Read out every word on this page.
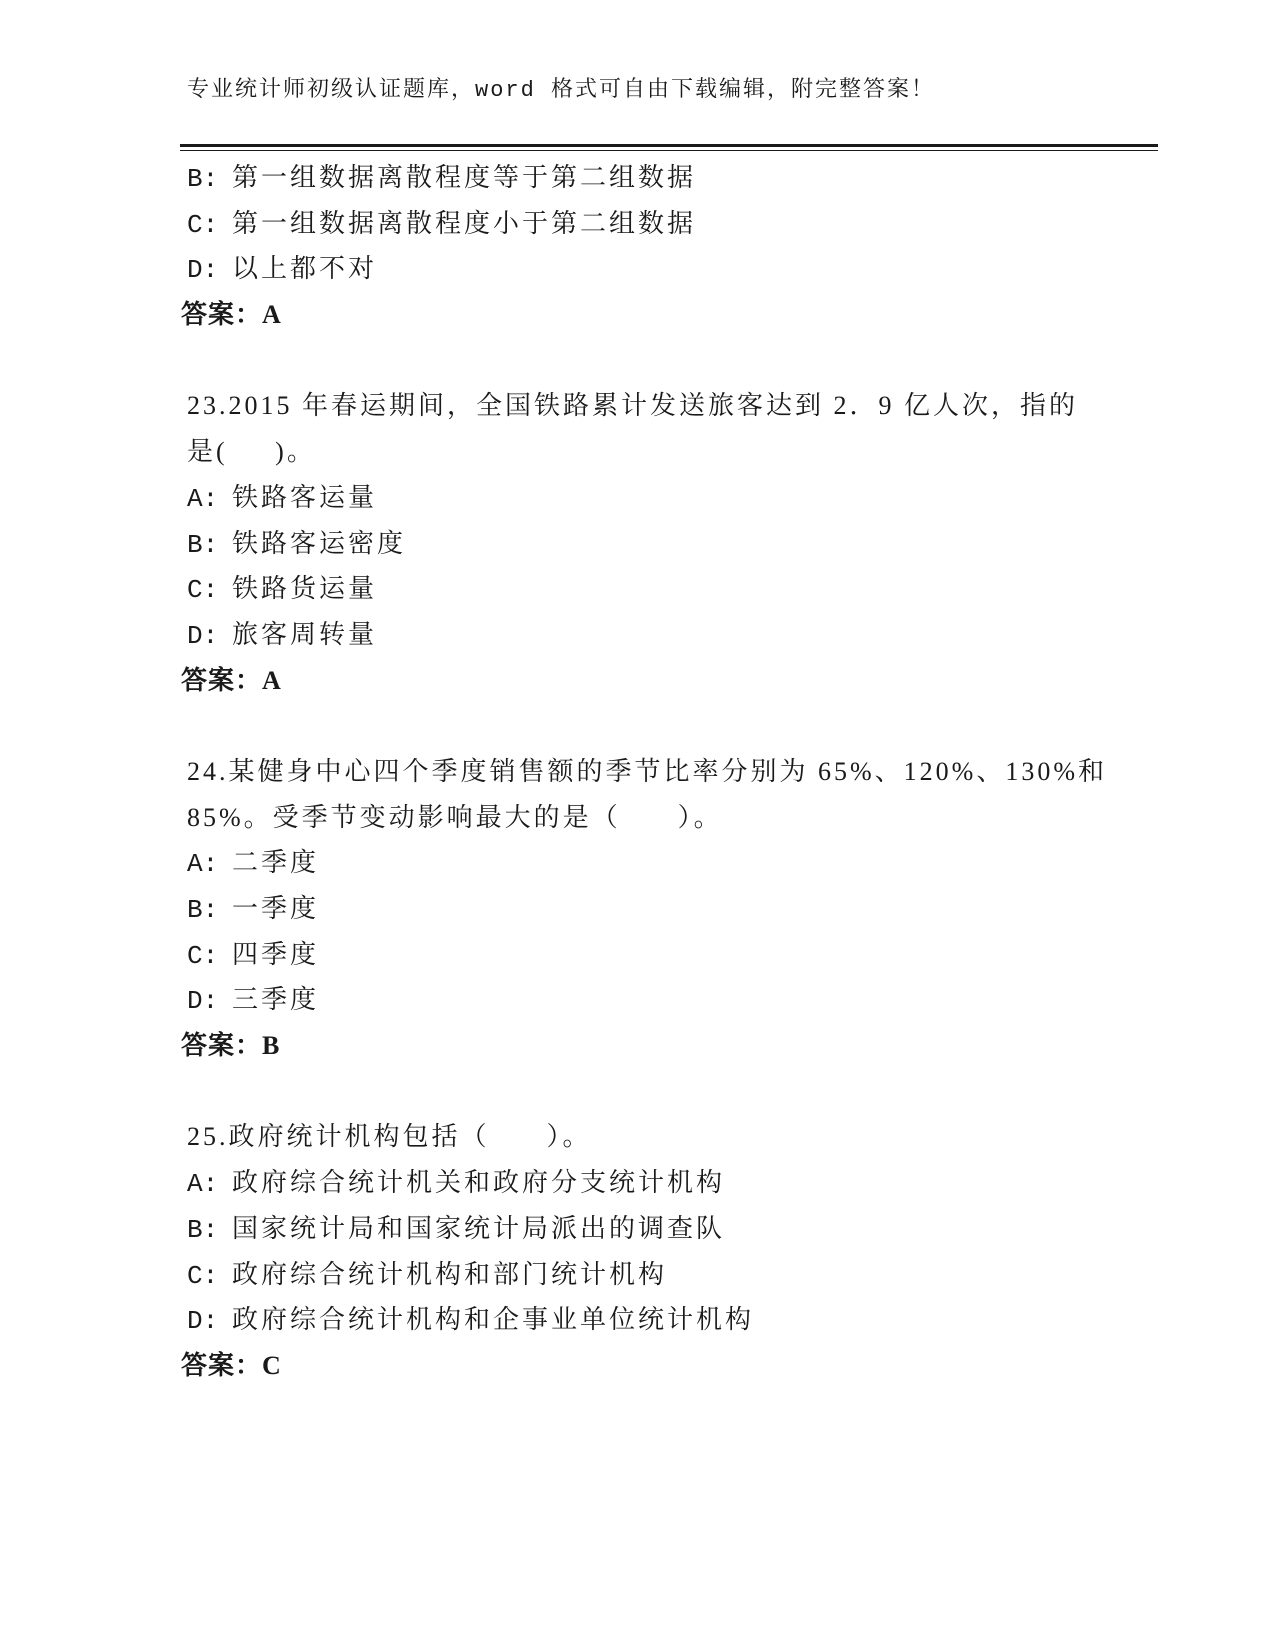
专业统计师初级认证题库，word 格式可自由下载编辑，附完整答案！
B: 第一组数据离散程度等于第二组数据
C: 第一组数据离散程度小于第二组数据
D: 以上都不对
答案：A
23.2015 年春运期间，全国铁路累计发送旅客达到 2．9 亿人次，指的
是(     )。
A: 铁路客运量
B: 铁路客运密度
C: 铁路货运量
D: 旅客周转量
答案：A
24.某健身中心四个季度销售额的季节比率分别为 65%、120%、130%和
85%。受季节变动影响最大的是（      ）。
A: 二季度
B: 一季度
C: 四季度
D: 三季度
答案：B
25.政府统计机构包括（      ）。
A: 政府综合统计机关和政府分支统计机构
B: 国家统计局和国家统计局派出的调查队
C: 政府综合统计机构和部门统计机构
D: 政府综合统计机构和企事业单位统计机构
答案：C
